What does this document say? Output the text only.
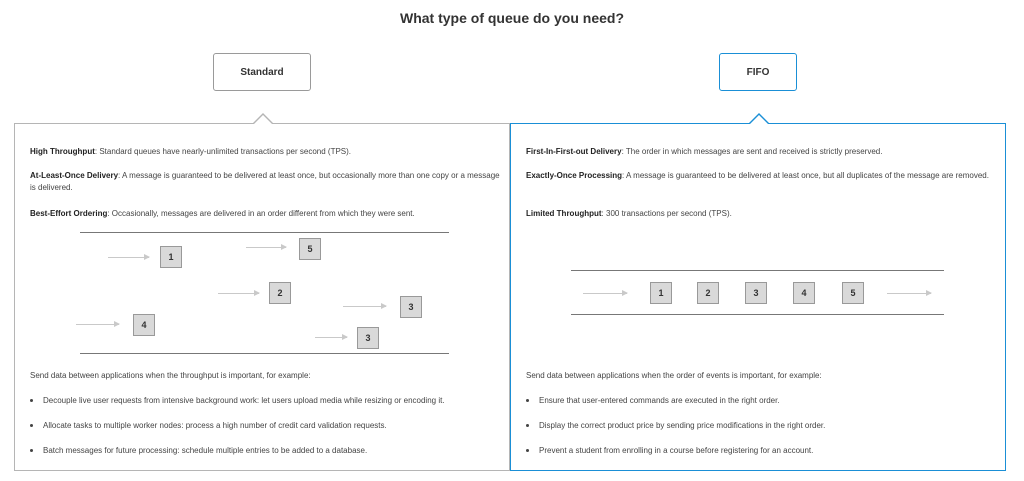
What type of queue do you need?
Standard	FIFO
High Throughput: Standard queues have nearly-unlimited transactions per second (TPS).
At-Least-Once Delivery: A message is guaranteed to be delivered at least once, but occasionally more than one copy or a message is delivered.
Best-Effort Ordering: Occasionally, messages are delivered in an order different from which they were sent.
1
5
2
3
4
3
Send data between applications when the throughput is important, for example:
Decouple live user requests from intensive background work: let users upload media while resizing or encoding it.
Allocate tasks to multiple worker nodes: process a high number of credit card validation requests.
Batch messages for future processing: schedule multiple entries to be added to a database.
First-In-First-out Delivery: The order in which messages are sent and received is strictly preserved.
Exactly-Once Processing: A message is guaranteed to be delivered at least once, but all duplicates of the message are removed.
Limited Throughput: 300 transactions per second (TPS).
1	2	3	4	5
Send data between applications when the order of events is important, for example:
Ensure that user-entered commands are executed in the right order.
Display the correct product price by sending price modifications in the right order.
Prevent a student from enrolling in a course before registering for an account.
